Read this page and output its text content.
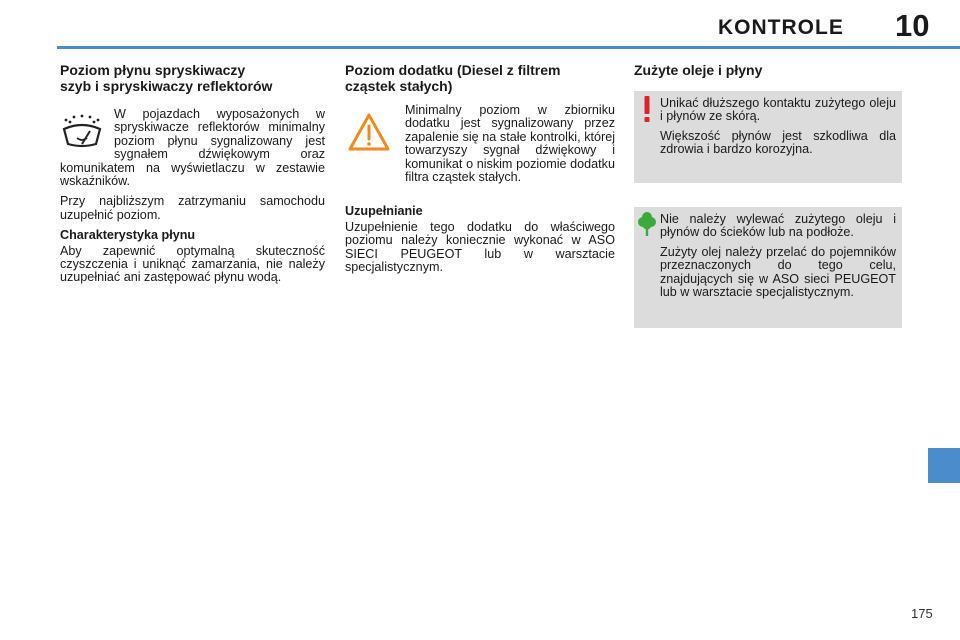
KONTROLE 10
Poziom płynu spryskiwaczy
szyb i spryskiwaczy reflektorów

W pojazdach wyposażonych w spryskiwacze reflektorów minimalny poziom płynu sygnalizowany jest sygnałem dźwiękowym oraz komunikatem na wyświetlaczu w zestawie wskaźników.

Przy najbliższym zatrzymaniu samochodu uzupełnić poziom.

Charakterystyka płynu

Aby zapewnić optymalną skuteczność czyszczenia i uniknąć zamarzania, nie należy uzupełniać ani zastępować płynu wodą.

Poziom dodatku (Diesel z filtrem
cząstek stałych)

Minimalny poziom w zbiorniku dodatku jest sygnalizowany przez zapalenie się na stałe kontrolki, której towarzyszy sygnał dźwiękowy i komunikat o niskim poziomie dodatku filtra cząstek stałych.

Uzupełnianie

Uzupełnienie tego dodatku do właściwego poziomu należy koniecznie wykonać w ASO SIECI PEUGEOT lub w warsztacie specjalistycznym.

Zużyte oleje i płyny

Unikać dłuższego kontaktu zużytego oleju i płynów ze skórą.

Większość płynów jest szkodliwa dla zdrowia i bardzo korozyjna.

Nie należy wylewać zużytego oleju i płynów do ścieków lub na podłoże.

Zużyty olej należy przelać do pojemników przeznaczonych do tego celu, znajdujących się w ASO sieci PEUGEOT lub w warsztacie specjalistycznym.

175
